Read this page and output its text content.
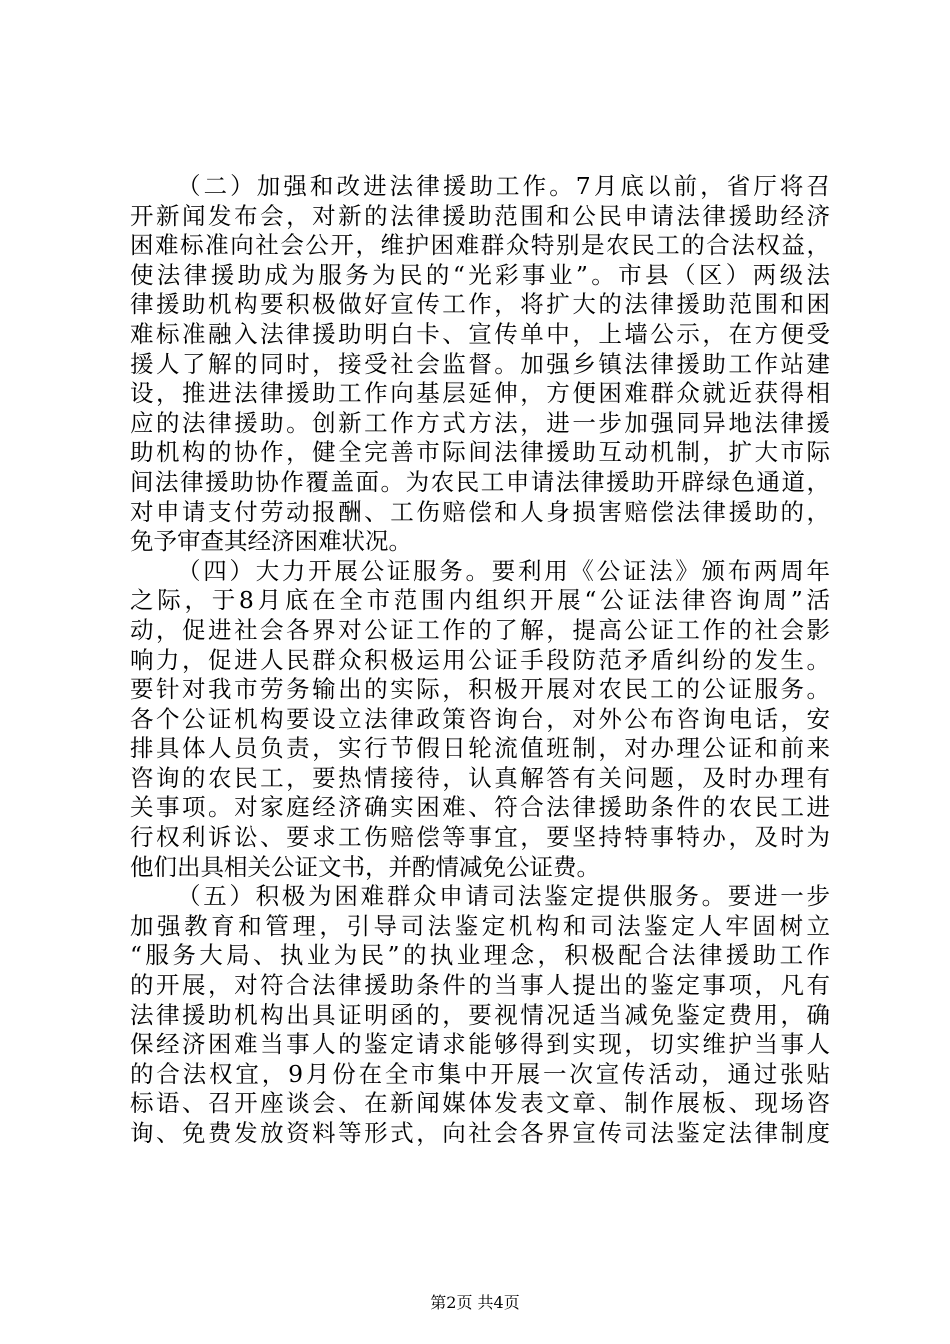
（二）加强和改进法律援助工作。7月底以前，省厅将召
开新闻发布会，对新的法律援助范围和公民申请法律援助经济
困难标准向社会公开，维护困难群众特别是农民工的合法权益，
使法律援助成为服务为民的“光彩事业”。市县（区）两级法
律援助机构要积极做好宣传工作，将扩大的法律援助范围和困
难标准融入法律援助明白卡、宣传单中，上墙公示，在方便受
援人了解的同时，接受社会监督。加强乡镇法律援助工作站建
设，推进法律援助工作向基层延伸，方便困难群众就近获得相
应的法律援助。创新工作方式方法，进一步加强同异地法律援
助机构的协作，健全完善市际间法律援助互动机制，扩大市际
间法律援助协作覆盖面。为农民工申请法律援助开辟绿色通道，
对申请支付劳动报酬、工伤赔偿和人身损害赔偿法律援助的，
免予审查其经济困难状况。
（四）大力开展公证服务。要利用《公证法》颁布两周年
之际，于8月底在全市范围内组织开展“公证法律咨询周”活
动，促进社会各界对公证工作的了解，提高公证工作的社会影
响力，促进人民群众积极运用公证手段防范矛盾纠纷的发生。
要针对我市劳务输出的实际，积极开展对农民工的公证服务。
各个公证机构要设立法律政策咨询台，对外公布咨询电话，安
排具体人员负责，实行节假日轮流值班制，对办理公证和前来
咨询的农民工，要热情接待，认真解答有关问题，及时办理有
关事项。对家庭经济确实困难、符合法律援助条件的农民工进
行权利诉讼、要求工伤赔偿等事宜，要坚持特事特办，及时为
他们出具相关公证文书，并酌情减免公证费。
（五）积极为困难群众申请司法鉴定提供服务。要进一步
加强教育和管理，引导司法鉴定机构和司法鉴定人牢固树立
“服务大局、执业为民”的执业理念，积极配合法律援助工作
的开展，对符合法律援助条件的当事人提出的鉴定事项，凡有
法律援助机构出具证明函的，要视情况适当减免鉴定费用，确
保经济困难当事人的鉴定请求能够得到实现，切实维护当事人
的合法权宜，9月份在全市集中开展一次宣传活动，通过张贴
标语、召开座谈会、在新闻媒体发表文章、制作展板、现场咨
询、免费发放资料等形式，向社会各界宣传司法鉴定法律制度
第2页 共4页
